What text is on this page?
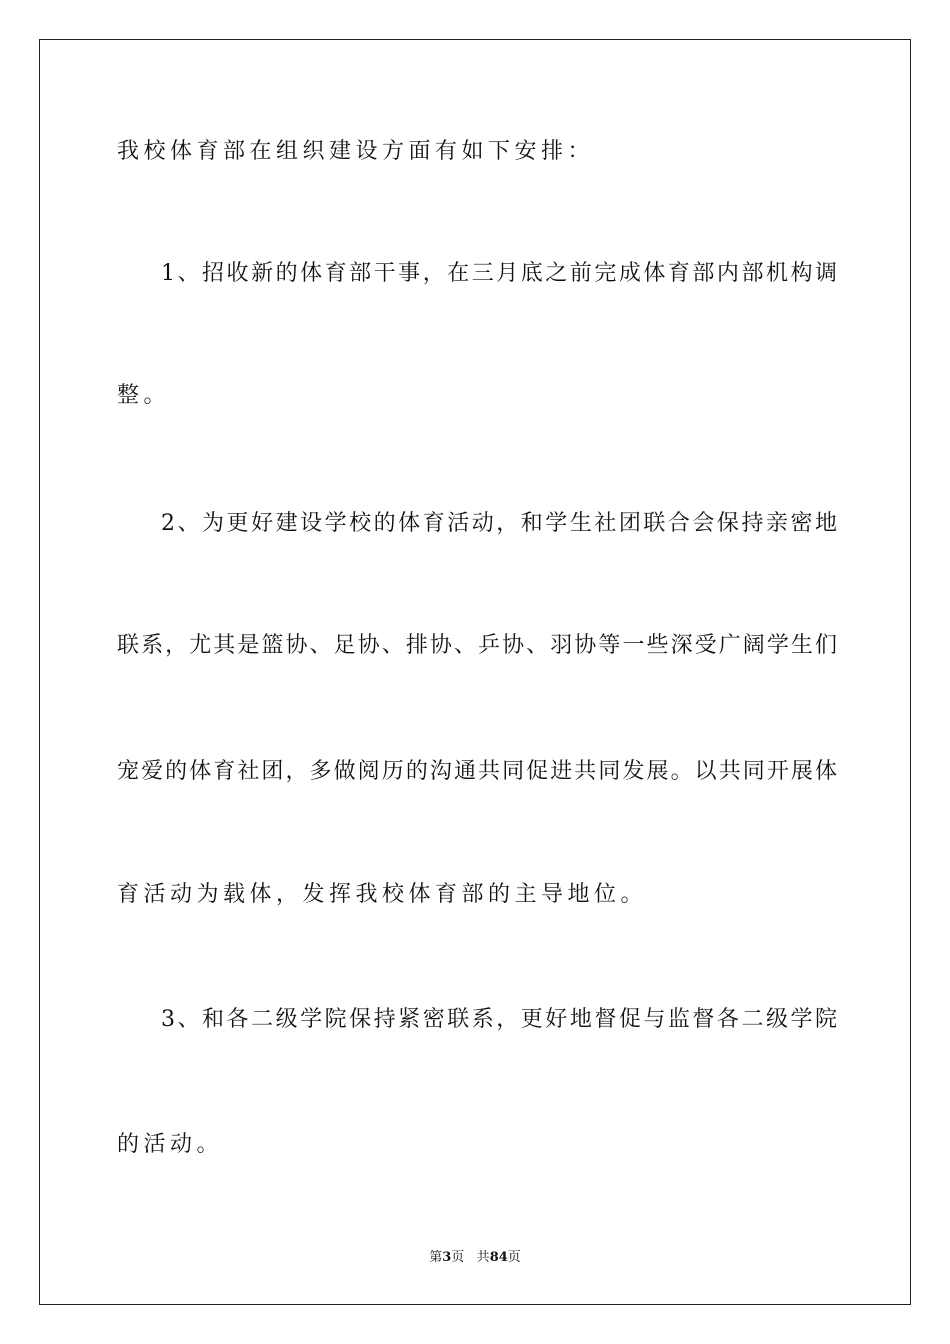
我校体育部在组织建设方面有如下安排：
1、招收新的体育部干事，在三月底之前完成体育部内部机构调
整。
2、为更好建设学校的体育活动，和学生社团联合会保持亲密地
联系，尤其是篮协、足协、排协、乒协、羽协等一些深受广阔学生们
宠爱的体育社团，多做阅历的沟通共同促进共同发展。以共同开展体
育活动为载体，发挥我校体育部的主导地位。
3、和各二级学院保持紧密联系，更好地督促与监督各二级学院
的活动。
第3页 共84页
